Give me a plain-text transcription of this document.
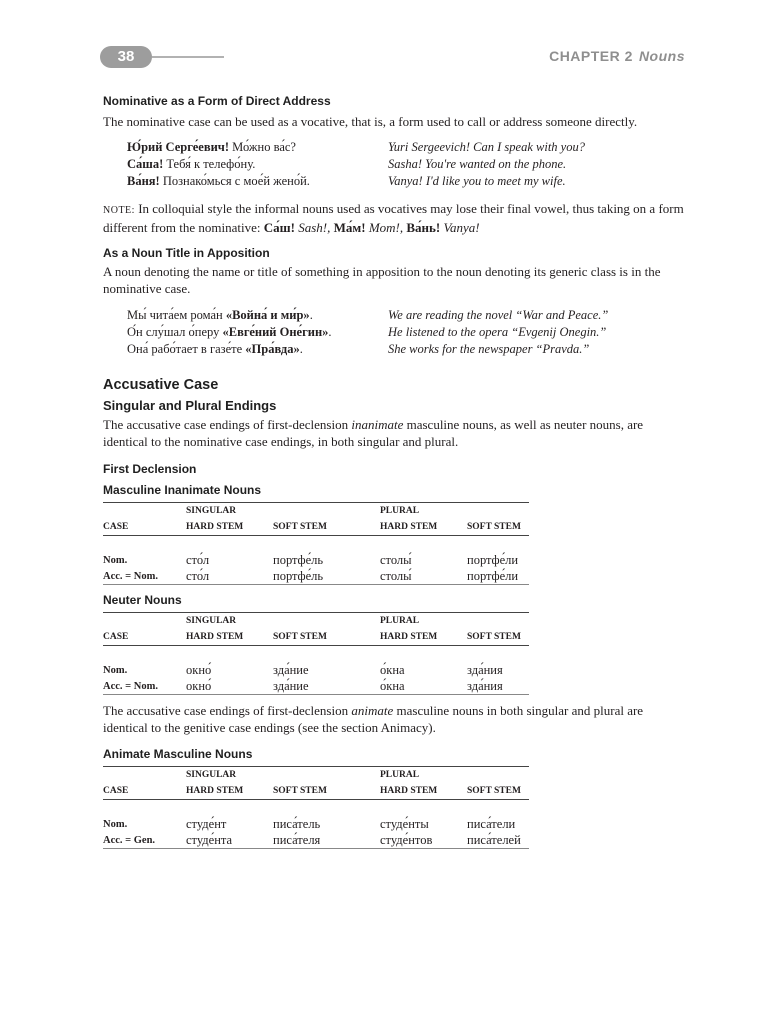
38	CHAPTER 2 Nouns
Nominative as a Form of Direct Address
The nominative case can be used as a vocative, that is, a form used to call or address someone directly.
Ю́рий Серге́евич! Мо́жно ва́с?	Yuri Sergeevich! Can I speak with you?
Са́ша! Тебя́ к телефо́ну.	Sasha! You're wanted on the phone.
Ва́ня! Познако́мься с мое́й жено́й.	Vanya! I'd like you to meet my wife.
NOTE: In colloquial style the informal nouns used as vocatives may lose their final vowel, thus taking on a form different from the nominative: Са́ш! Sash!, Ма́м! Mom!, Ва́нь! Vanya!
As a Noun Title in Apposition
A noun denoting the name or title of something in apposition to the noun denoting its generic class is in the nominative case.
Мы́ чита́ем рома́н «Война́ и ми́р».	We are reading the novel “War and Peace.”
О́н слу́шал о́перу «Евге́ний Оне́гин».	He listened to the opera “Evgenij Onegin.”
Она́ рабо́тает в газе́те «Пра́вда».	She works for the newspaper “Pravda.”
Accusative Case
Singular and Plural Endings
The accusative case endings of first-declension inanimate masculine nouns, as well as neuter nouns, are identical to the nominative case endings, in both singular and plural.
First Declension
Masculine Inanimate Nouns
	SINGULAR		PLURAL	
CASE	HARD STEM	SOFT STEM	HARD STEM	SOFT STEM

Nom.	сто́л	портфе́ль	столы́	портфе́ли
Acc. = Nom.	сто́л	портфе́ль	столы́	портфе́ли
Neuter Nouns
	SINGULAR		PLURAL	
CASE	HARD STEM	SOFT STEM	HARD STEM	SOFT STEM

Nom.	окно́	зда́ние	о́кна	зда́ния
Acc. = Nom.	окно́	зда́ние	о́кна	зда́ния
The accusative case endings of first-declension animate masculine nouns in both singular and plural are identical to the genitive case endings (see the section Animacy).
Animate Masculine Nouns
	SINGULAR		PLURAL	
CASE	HARD STEM	SOFT STEM	HARD STEM	SOFT STEM

Nom.	студе́нт	писа́тель	студе́нты	писа́тели
Acc. = Gen.	студе́нта	писа́теля	студе́нтов	писа́телей
